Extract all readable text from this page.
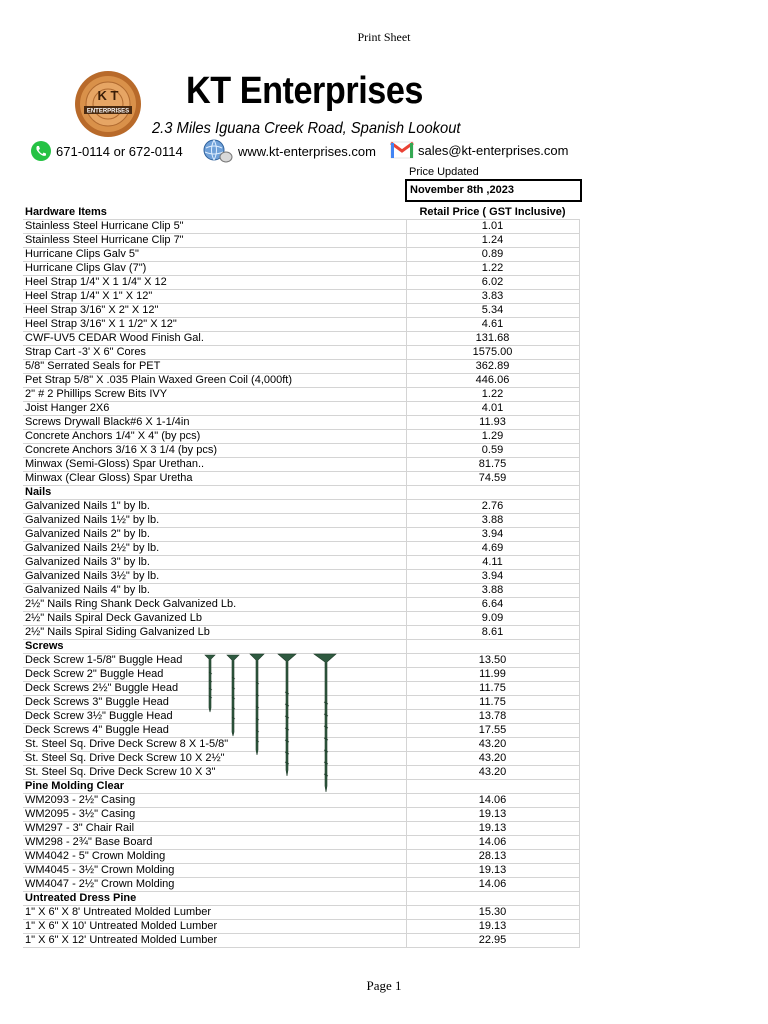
Print Sheet
K T
ENTERPRISES KT Enterprises
2.3 Miles Iguana Creek Road, Spanish Lookout
671-0114 or 672-0114	www.kt-enterprises.com	sales@kt-enterprises.com
Price Updated
November 8th ,2023
Hardware Items	Retail Price ( GST Inclusive)
Stainless Steel Hurricane Clip 5"	1.01
Stainless Steel Hurricane Clip 7"	1.24
Hurricane Clips Galv 5"	0.89
Hurricane Clips Glav (7")	1.22
Heel Strap 1/4" X 1 1/4" X 12	6.02
Heel Strap 1/4" X 1" X 12"	3.83
Heel Strap 3/16" X 2" X 12"	5.34
Heel Strap 3/16" X 1 1/2" X 12"	4.61
CWF-UV5 CEDAR Wood Finish Gal.	131.68
Strap Cart -3' X 6" Cores	1575.00
5/8" Serrated Seals for PET	362.89
Pet Strap 5/8" X .035 Plain Waxed Green Coil (4,000ft)	446.06
2" # 2 Phillips Screw Bits IVY	1.22
Joist Hanger 2X6	4.01
Screws Drywall Black#6 X 1-1/4in	11.93
Concrete Anchors 1/4" X 4" (by pcs)	1.29
Concrete Anchors 3/16 X 3 1/4 (by pcs)	0.59
Minwax (Semi-Gloss) Spar Urethan..	81.75
Minwax (Clear Gloss) Spar Uretha	74.59
Nails	
Galvanized Nails 1" by lb.	2.76
Galvanized Nails 1½" by lb.	3.88
Galvanized Nails 2" by lb.	3.94
Galvanized Nails 2½" by lb.	4.69
Galvanized Nails 3" by lb.	4.11
Galvanized Nails 3½" by lb.	3.94
Galvanized Nails 4" by lb.	3.88
2½" Nails Ring Shank Deck Galvanized Lb.	6.64
2½" Nails Spiral Deck Gavanized Lb	9.09
2½" Nails Spiral Siding Galvanized Lb	8.61
Screws	
Deck Screw 1-5/8" Buggle Head	13.50
Deck Screw 2" Buggle Head	11.99
Deck Screws 2½" Buggle Head	11.75
Deck Screws 3" Buggle Head	11.75
Deck Screw 3½" Buggle Head	13.78
Deck Screws 4" Buggle Head	17.55
St. Steel Sq. Drive Deck Screw 8 X 1-5/8"	43.20
St. Steel Sq. Drive Deck Screw 10 X 2½"	43.20
St. Steel Sq. Drive Deck Screw 10 X 3"	43.20
Pine Molding Clear	
WM2093 - 2½" Casing	14.06
WM2095 - 3½" Casing	19.13
WM297 - 3" Chair Rail	19.13
WM298 - 2¾" Base Board	14.06
WM4042 - 5" Crown Molding	28.13
WM4045 - 3½" Crown Molding	19.13
WM4047 - 2½" Crown Molding	14.06
Untreated Dress Pine	
1" X 6" X 8' Untreated Molded Lumber	15.30
1" X 6" X 10' Untreated Molded Lumber	19.13
1" X 6" X 12' Untreated Molded Lumber	22.95
Page 1
